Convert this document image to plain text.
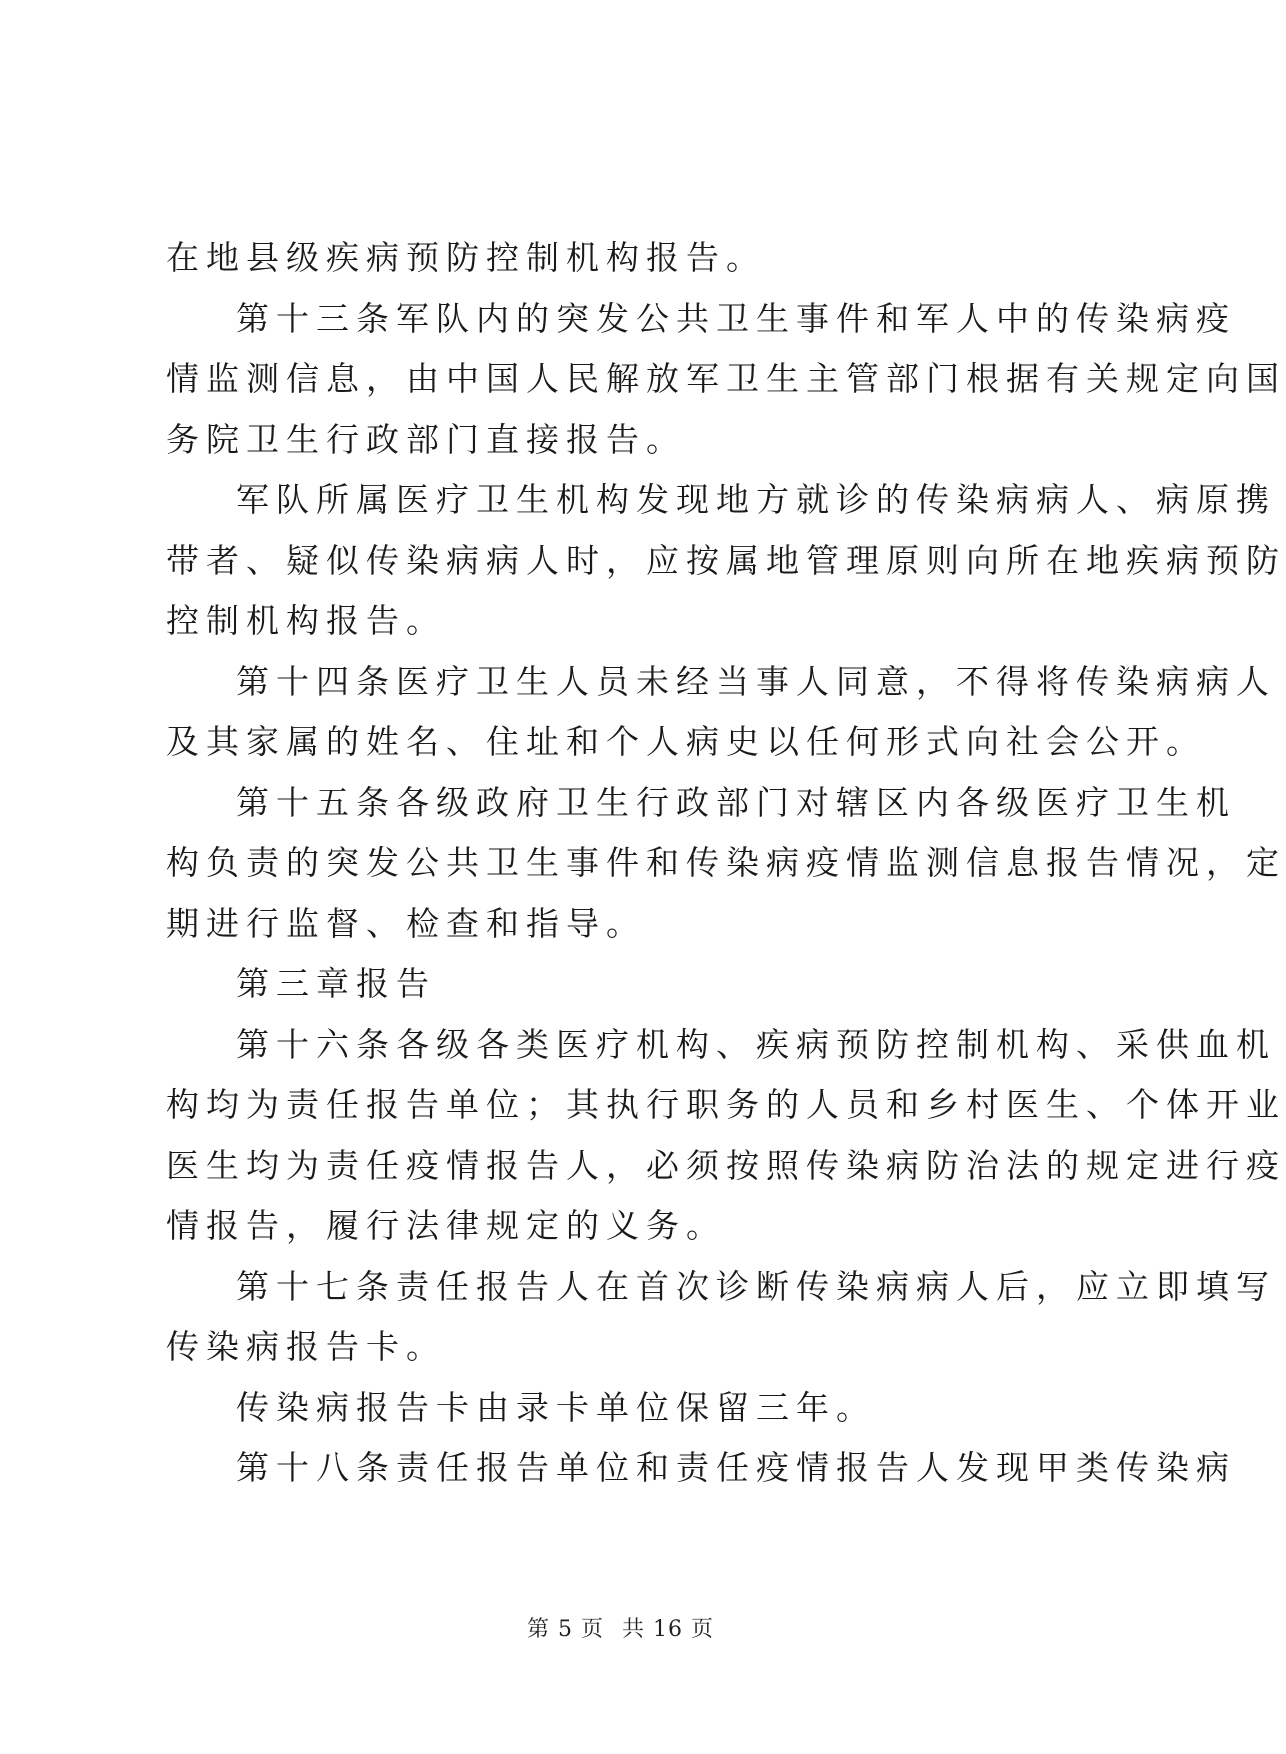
在地县级疾病预防控制机构报告。
第十三条军队内的突发公共卫生事件和军人中的传染病疫
情监测信息，由中国人民解放军卫生主管部门根据有关规定向国
务院卫生行政部门直接报告。
军队所属医疗卫生机构发现地方就诊的传染病病人、病原携
带者、疑似传染病病人时，应按属地管理原则向所在地疾病预防
控制机构报告。
第十四条医疗卫生人员未经当事人同意，不得将传染病病人
及其家属的姓名、住址和个人病史以任何形式向社会公开。
第十五条各级政府卫生行政部门对辖区内各级医疗卫生机
构负责的突发公共卫生事件和传染病疫情监测信息报告情况，定
期进行监督、检查和指导。
第三章报告
第十六条各级各类医疗机构、疾病预防控制机构、采供血机
构均为责任报告单位；其执行职务的人员和乡村医生、个体开业
医生均为责任疫情报告人，必须按照传染病防治法的规定进行疫
情报告，履行法律规定的义务。
第十七条责任报告人在首次诊断传染病病人后，应立即填写
传染病报告卡。
传染病报告卡由录卡单位保留三年。
第十八条责任报告单位和责任疫情报告人发现甲类传染病
第 5 页 共 16 页
